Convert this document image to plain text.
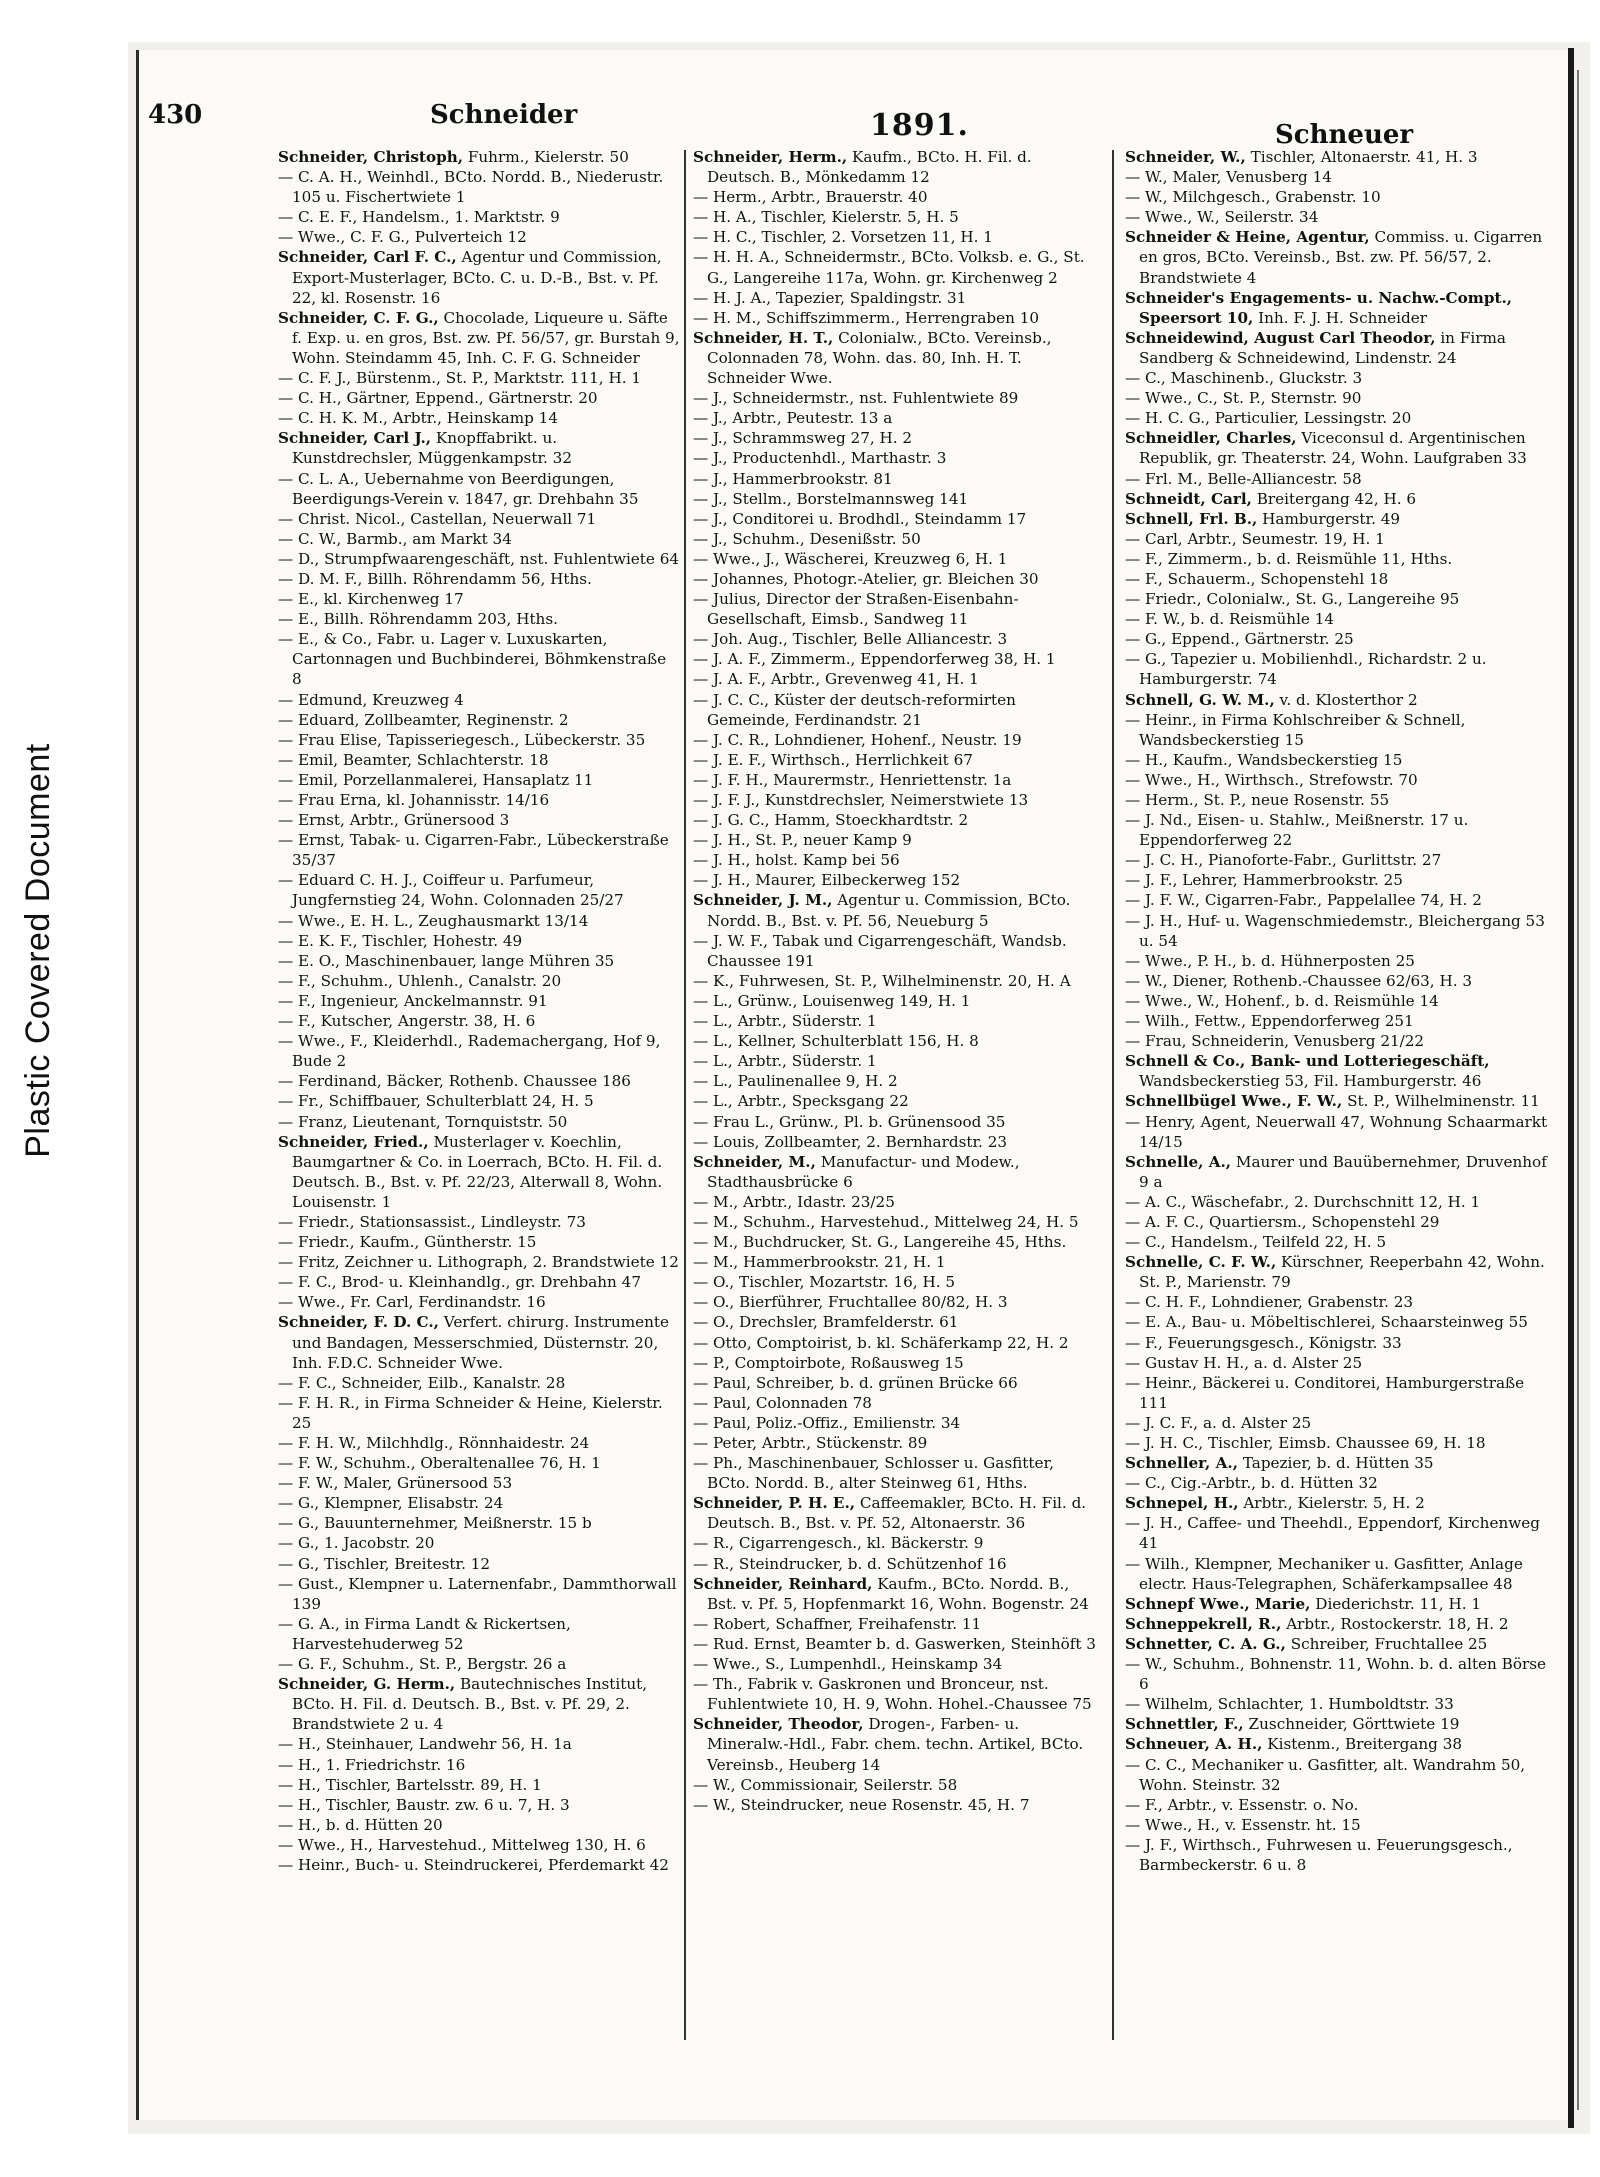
Plastic Covered Document
430	Schneider	1891.	Schneuer

Schneider, Christoph, Fuhrm., Kielerstr. 50

— C. A. H., Weinhdl., BCto. Nordd. B., Niederustr. 105 u. Fischertwiete 1

— C. E. F., Handelsm., 1. Marktstr. 9

— Wwe., C. F. G., Pulverteich 12

Schneider, Carl F. C., Agentur und Commission, Export-Musterlager, BCto. C. u. D.-B., Bst. v. Pf. 22, kl. Rosenstr. 16

Schneider, C. F. G., Chocolade, Liqueure u. Säfte f. Exp. u. en gros, Bst. zw. Pf. 56/57, gr. Burstah 9, Wohn. Steindamm 45, Inh. C. F. G. Schneider

— C. F. J., Bürstenm., St. P., Marktstr. 111, H. 1

— C. H., Gärtner, Eppend., Gärtnerstr. 20

— C. H. K. M., Arbtr., Heinskamp 14

Schneider, Carl J., Knopffabrikt. u. Kunstdrechsler, Müggenkampstr. 32

— C. L. A., Uebernahme von Beerdigungen, Beerdigungs-Verein v. 1847, gr. Drehbahn 35

— Christ. Nicol., Castellan, Neuerwall 71

— C. W., Barmb., am Markt 34

— D., Strumpfwaarengeschäft, nst. Fuhlentwiete 64

— D. M. F., Billh. Röhrendamm 56, Hths.

— E., kl. Kirchenweg 17

— E., Billh. Röhrendamm 203, Hths.

— E., & Co., Fabr. u. Lager v. Luxuskarten, Cartonnagen und Buchbinderei, Böhmkenstraße 8

— Edmund, Kreuzweg 4

— Eduard, Zollbeamter, Reginenstr. 2

— Frau Elise, Tapisseriegesch., Lübeckerstr. 35

— Emil, Beamter, Schlachterstr. 18

— Emil, Porzellanmalerei, Hansaplatz 11

— Frau Erna, kl. Johannisstr. 14/16

— Ernst, Arbtr., Grünersood 3

— Ernst, Tabak- u. Cigarren-Fabr., Lübeckerstraße 35/37

— Eduard C. H. J., Coiffeur u. Parfumeur, Jungfernstieg 24, Wohn. Colonnaden 25/27

— Wwe., E. H. L., Zeughausmarkt 13/14

— E. K. F., Tischler, Hohestr. 49

— E. O., Maschinenbauer, lange Mühren 35

— F., Schuhm., Uhlenh., Canalstr. 20

— F., Ingenieur, Anckelmannstr. 91

— F., Kutscher, Angerstr. 38, H. 6

— Wwe., F., Kleiderhdl., Rademachergang, Hof 9, Bude 2

— Ferdinand, Bäcker, Rothenb. Chaussee 186

— Fr., Schiffbauer, Schulterblatt 24, H. 5

— Franz, Lieutenant, Tornquiststr. 50

Schneider, Fried., Musterlager v. Koechlin, Baumgartner & Co. in Loerrach, BCto. H. Fil. d. Deutsch. B., Bst. v. Pf. 22/23, Alterwall 8, Wohn. Louisenstr. 1

— Friedr., Stationsassist., Lindleystr. 73

— Friedr., Kaufm., Güntherstr. 15

— Fritz, Zeichner u. Lithograph, 2. Brandstwiete 12

— F. C., Brod- u. Kleinhandlg., gr. Drehbahn 47

— Wwe., Fr. Carl, Ferdinandstr. 16

Schneider, F. D. C., Verfert. chirurg. Instrumente und Bandagen, Messerschmied, Düsternstr. 20, Inh. F.D.C. Schneider Wwe.

— F. C., Schneider, Eilb., Kanalstr. 28

— F. H. R., in Firma Schneider & Heine, Kielerstr. 25

— F. H. W., Milchhdlg., Rönnhaidestr. 24

— F. W., Schuhm., Oberaltenallee 76, H. 1

— F. W., Maler, Grünersood 53

— G., Klempner, Elisabstr. 24

— G., Bauunternehmer, Meißnerstr. 15 b

— G., 1. Jacobstr. 20

— G., Tischler, Breitestr. 12

— Gust., Klempner u. Laternenfabr., Dammthorwall 139

— G. A., in Firma Landt & Rickertsen, Harvestehuderweg 52

— G. F., Schuhm., St. P., Bergstr. 26 a

Schneider, G. Herm., Bautechnisches Institut, BCto. H. Fil. d. Deutsch. B., Bst. v. Pf. 29, 2. Brandstwiete 2 u. 4

— H., Steinhauer, Landwehr 56, H. 1a

— H., 1. Friedrichstr. 16

— H., Tischler, Bartelsstr. 89, H. 1

— H., Tischler, Baustr. zw. 6 u. 7, H. 3

— H., b. d. Hütten 20

— Wwe., H., Harvestehud., Mittelweg 130, H. 6

— Heinr., Buch- u. Steindruckerei, Pferdemarkt 42

Schneider, Herm., Kaufm., BCto. H. Fil. d. Deutsch. B., Mönkedamm 12

— Herm., Arbtr., Brauerstr. 40

— H. A., Tischler, Kielerstr. 5, H. 5

— H. C., Tischler, 2. Vorsetzen 11, H. 1

— H. H. A., Schneidermstr., BCto. Volksb. e. G., St. G., Langereihe 117a, Wohn. gr. Kirchenweg 2

— H. J. A., Tapezier, Spaldingstr. 31

— H. M., Schiffszimmerm., Herrengraben 10

Schneider, H. T., Colonialw., BCto. Vereinsb., Colonnaden 78, Wohn. das. 80, Inh. H. T. Schneider Wwe.

— J., Schneidermstr., nst. Fuhlentwiete 89

— J., Arbtr., Peutestr. 13 a

— J., Schrammsweg 27, H. 2

— J., Productenhdl., Marthastr. 3

— J., Hammerbrookstr. 81

— J., Stellm., Borstelmannsweg 141

— J., Conditorei u. Brodhdl., Steindamm 17

— J., Schuhm., Desenißstr. 50

— Wwe., J., Wäscherei, Kreuzweg 6, H. 1

— Johannes, Photogr.-Atelier, gr. Bleichen 30

— Julius, Director der Straßen-Eisenbahn-Gesellschaft, Eimsb., Sandweg 11

— Joh. Aug., Tischler, Belle Alliancestr. 3

— J. A. F., Zimmerm., Eppendorferweg 38, H. 1

— J. A. F., Arbtr., Grevenweg 41, H. 1

— J. C. C., Küster der deutsch-reformirten Gemeinde, Ferdinandstr. 21

— J. C. R., Lohndiener, Hohenf., Neustr. 19

— J. E. F., Wirthsch., Herrlichkeit 67

— J. F. H., Maurermstr., Henriettenstr. 1a

— J. F. J., Kunstdrechsler, Neimerstwiete 13

— J. G. C., Hamm, Stoeckhardtstr. 2

— J. H., St. P., neuer Kamp 9

— J. H., holst. Kamp bei 56

— J. H., Maurer, Eilbeckerweg 152

Schneider, J. M., Agentur u. Commission, BCto. Nordd. B., Bst. v. Pf. 56, Neueburg 5

— J. W. F., Tabak und Cigarrengeschäft, Wandsb. Chaussee 191

— K., Fuhrwesen, St. P., Wilhelminenstr. 20, H. A

— L., Grünw., Louisenweg 149, H. 1

— L., Arbtr., Süderstr. 1

— L., Kellner, Schulterblatt 156, H. 8

— L., Arbtr., Süderstr. 1

— L., Paulinenallee 9, H. 2

— L., Arbtr., Specksgang 22

— Frau L., Grünw., Pl. b. Grünensood 35

— Louis, Zollbeamter, 2. Bernhardstr. 23

Schneider, M., Manufactur- und Modew., Stadthausbrücke 6

— M., Arbtr., Idastr. 23/25

— M., Schuhm., Harvestehud., Mittelweg 24, H. 5

— M., Buchdrucker, St. G., Langereihe 45, Hths.

— M., Hammerbrookstr. 21, H. 1

— O., Tischler, Mozartstr. 16, H. 5

— O., Bierführer, Fruchtallee 80/82, H. 3

— O., Drechsler, Bramfelderstr. 61

— Otto, Comptoirist, b. kl. Schäferkamp 22, H. 2

— P., Comptoirbote, Roßausweg 15

— Paul, Schreiber, b. d. grünen Brücke 66

— Paul, Colonnaden 78

— Paul, Poliz.-Offiz., Emilienstr. 34

— Peter, Arbtr., Stückenstr. 89

— Ph., Maschinenbauer, Schlosser u. Gasfitter, BCto. Nordd. B., alter Steinweg 61, Hths.

Schneider, P. H. E., Caffeemakler, BCto. H. Fil. d. Deutsch. B., Bst. v. Pf. 52, Altonaerstr. 36

— R., Cigarrengesch., kl. Bäckerstr. 9

— R., Steindrucker, b. d. Schützenhof 16

Schneider, Reinhard, Kaufm., BCto. Nordd. B., Bst. v. Pf. 5, Hopfenmarkt 16, Wohn. Bogenstr. 24

— Robert, Schaffner, Freihafenstr. 11

— Rud. Ernst, Beamter b. d. Gaswerken, Steinhöft 3

— Wwe., S., Lumpenhdl., Heinskamp 34

— Th., Fabrik v. Gaskronen und Bronceur, nst. Fuhlentwiete 10, H. 9, Wohn. Hohel.-Chaussee 75

Schneider, Theodor, Drogen-, Farben- u. Mineralw.-Hdl., Fabr. chem. techn. Artikel, BCto. Vereinsb., Heuberg 14

— W., Commissionair, Seilerstr. 58

— W., Steindrucker, neue Rosenstr. 45, H. 7

Schneider, W., Tischler, Altonaerstr. 41, H. 3

— W., Maler, Venusberg 14

— W., Milchgesch., Grabenstr. 10

— Wwe., W., Seilerstr. 34

Schneider & Heine, Agentur, Commiss. u. Cigarren en gros, BCto. Vereinsb., Bst. zw. Pf. 56/57, 2. Brandstwiete 4

Schneider's Engagements- u. Nachw.-Compt., Speersort 10, Inh. F. J. H. Schneider

Schneidewind, August Carl Theodor, in Firma Sandberg & Schneidewind, Lindenstr. 24

— C., Maschinenb., Gluckstr. 3

— Wwe., C., St. P., Sternstr. 90

— H. C. G., Particulier, Lessingstr. 20

Schneidler, Charles, Viceconsul d. Argentinischen Republik, gr. Theaterstr. 24, Wohn. Laufgraben 33

— Frl. M., Belle-Alliancestr. 58

Schneidt, Carl, Breitergang 42, H. 6

Schnell, Frl. B., Hamburgerstr. 49

— Carl, Arbtr., Seumestr. 19, H. 1

— F., Zimmerm., b. d. Reismühle 11, Hths.

— F., Schauerm., Schopenstehl 18

— Friedr., Colonialw., St. G., Langereihe 95

— F. W., b. d. Reismühle 14

— G., Eppend., Gärtnerstr. 25

— G., Tapezier u. Mobilienhdl., Richardstr. 2 u. Hamburgerstr. 74

Schnell, G. W. M., v. d. Klosterthor 2

— Heinr., in Firma Kohlschreiber & Schnell, Wandsbeckerstieg 15

— H., Kaufm., Wandsbeckerstieg 15

— Wwe., H., Wirthsch., Strefowstr. 70

— Herm., St. P., neue Rosenstr. 55

— J. Nd., Eisen- u. Stahlw., Meißnerstr. 17 u. Eppendorferweg 22

— J. C. H., Pianoforte-Fabr., Gurlittstr. 27

— J. F., Lehrer, Hammerbrookstr. 25

— J. F. W., Cigarren-Fabr., Pappelallee 74, H. 2

— J. H., Huf- u. Wagenschmiedemstr., Bleichergang 53 u. 54

— Wwe., P. H., b. d. Hühnerposten 25

— W., Diener, Rothenb.-Chaussee 62/63, H. 3

— Wwe., W., Hohenf., b. d. Reismühle 14

— Wilh., Fettw., Eppendorferweg 251

— Frau, Schneiderin, Venusberg 21/22

Schnell & Co., Bank- und Lotteriegeschäft, Wandsbeckerstieg 53, Fil. Hamburgerstr. 46

Schnellbügel Wwe., F. W., St. P., Wilhelminenstr. 11

— Henry, Agent, Neuerwall 47, Wohnung Schaarmarkt 14/15

Schnelle, A., Maurer und Bauübernehmer, Druvenhof 9 a

— A. C., Wäschefabr., 2. Durchschnitt 12, H. 1

— A. F. C., Quartiersm., Schopenstehl 29

— C., Handelsm., Teilfeld 22, H. 5

Schnelle, C. F. W., Kürschner, Reeperbahn 42, Wohn. St. P., Marienstr. 79

— C. H. F., Lohndiener, Grabenstr. 23

— E. A., Bau- u. Möbeltischlerei, Schaarsteinweg 55

— F., Feuerungsgesch., Königstr. 33

— Gustav H. H., a. d. Alster 25

— Heinr., Bäckerei u. Conditorei, Hamburgerstraße 111

— J. C. F., a. d. Alster 25

— J. H. C., Tischler, Eimsb. Chaussee 69, H. 18

Schneller, A., Tapezier, b. d. Hütten 35

— C., Cig.-Arbtr., b. d. Hütten 32

Schnepel, H., Arbtr., Kielerstr. 5, H. 2

— J. H., Caffee- und Theehdl., Eppendorf, Kirchenweg 41

— Wilh., Klempner, Mechaniker u. Gasfitter, Anlage electr. Haus-Telegraphen, Schäferkampsallee 48

Schnepf Wwe., Marie, Diederichstr. 11, H. 1

Schneppekrell, R., Arbtr., Rostockerstr. 18, H. 2

Schnetter, C. A. G., Schreiber, Fruchtallee 25

— W., Schuhm., Bohnenstr. 11, Wohn. b. d. alten Börse 6

— Wilhelm, Schlachter, 1. Humboldtstr. 33

Schnettler, F., Zuschneider, Görttwiete 19

Schneuer, A. H., Kistenm., Breitergang 38

— C. C., Mechaniker u. Gasfitter, alt. Wandrahm 50, Wohn. Steinstr. 32

— F., Arbtr., v. Essenstr. o. No.

— Wwe., H., v. Essenstr. ht. 15

— J. F., Wirthsch., Fuhrwesen u. Feuerungsgesch., Barmbeckerstr. 6 u. 8
